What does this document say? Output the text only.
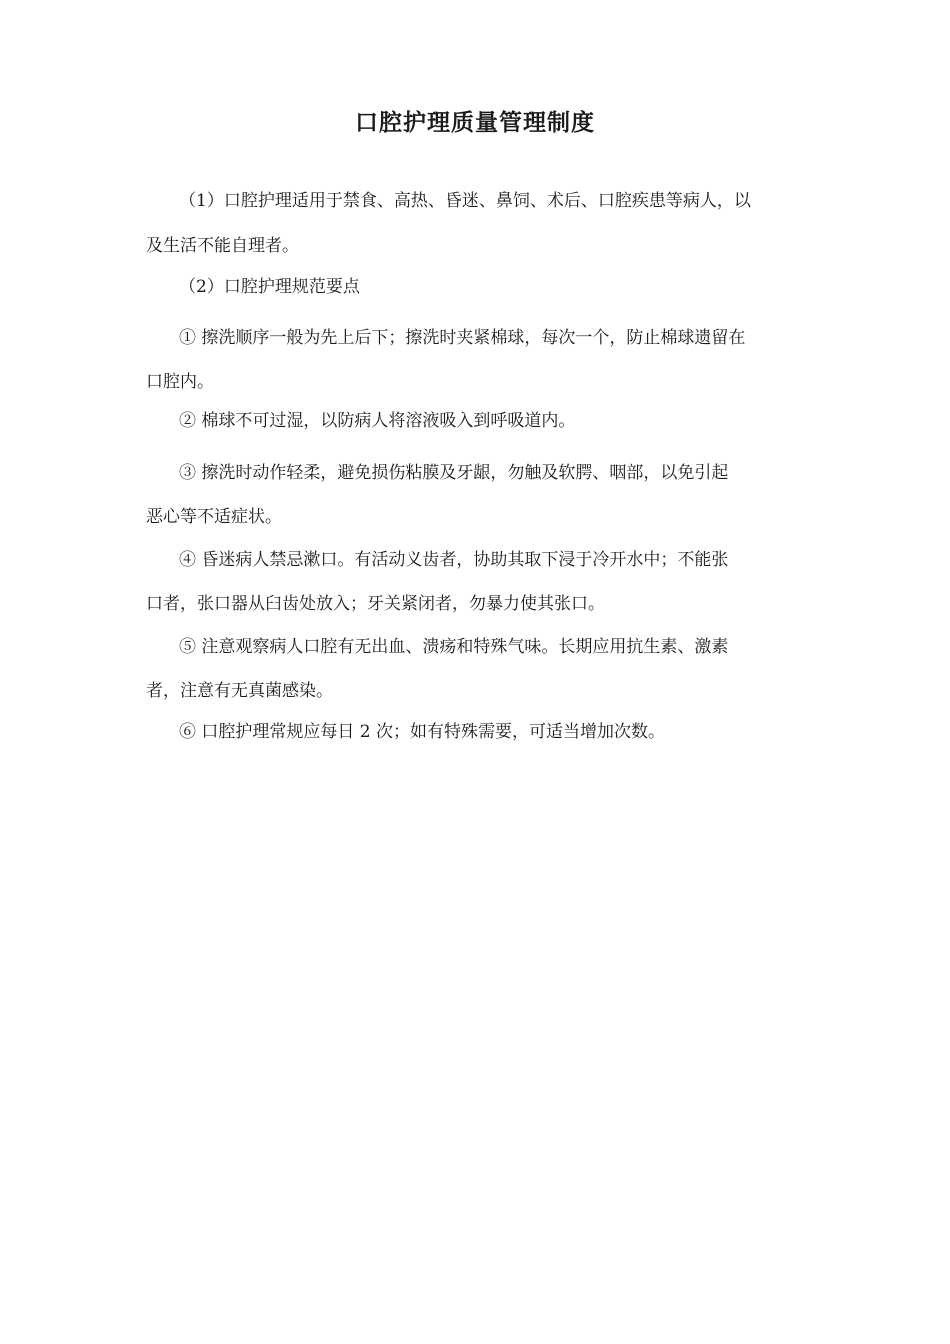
口腔护理质量管理制度
（1）口腔护理适用于禁食、高热、昏迷、鼻饲、术后、口腔疾患等病人，以
及生活不能自理者。
（2）口腔护理规范要点
① 擦洗顺序一般为先上后下；擦洗时夹紧棉球，每次一个，防止棉球遗留在
口腔内。
② 棉球不可过湿，以防病人将溶液吸入到呼吸道内。
③ 擦洗时动作轻柔，避免损伤粘膜及牙龈，勿触及软腭、咽部，以免引起
恶心等不适症状。
④ 昏迷病人禁忌漱口。有活动义齿者，协助其取下浸于冷开水中；不能张
口者，张口器从臼齿处放入；牙关紧闭者，勿暴力使其张口。
⑤ 注意观察病人口腔有无出血、溃疡和特殊气味。长期应用抗生素、激素
者，注意有无真菌感染。
⑥ 口腔护理常规应每日 2 次；如有特殊需要，可适当增加次数。
